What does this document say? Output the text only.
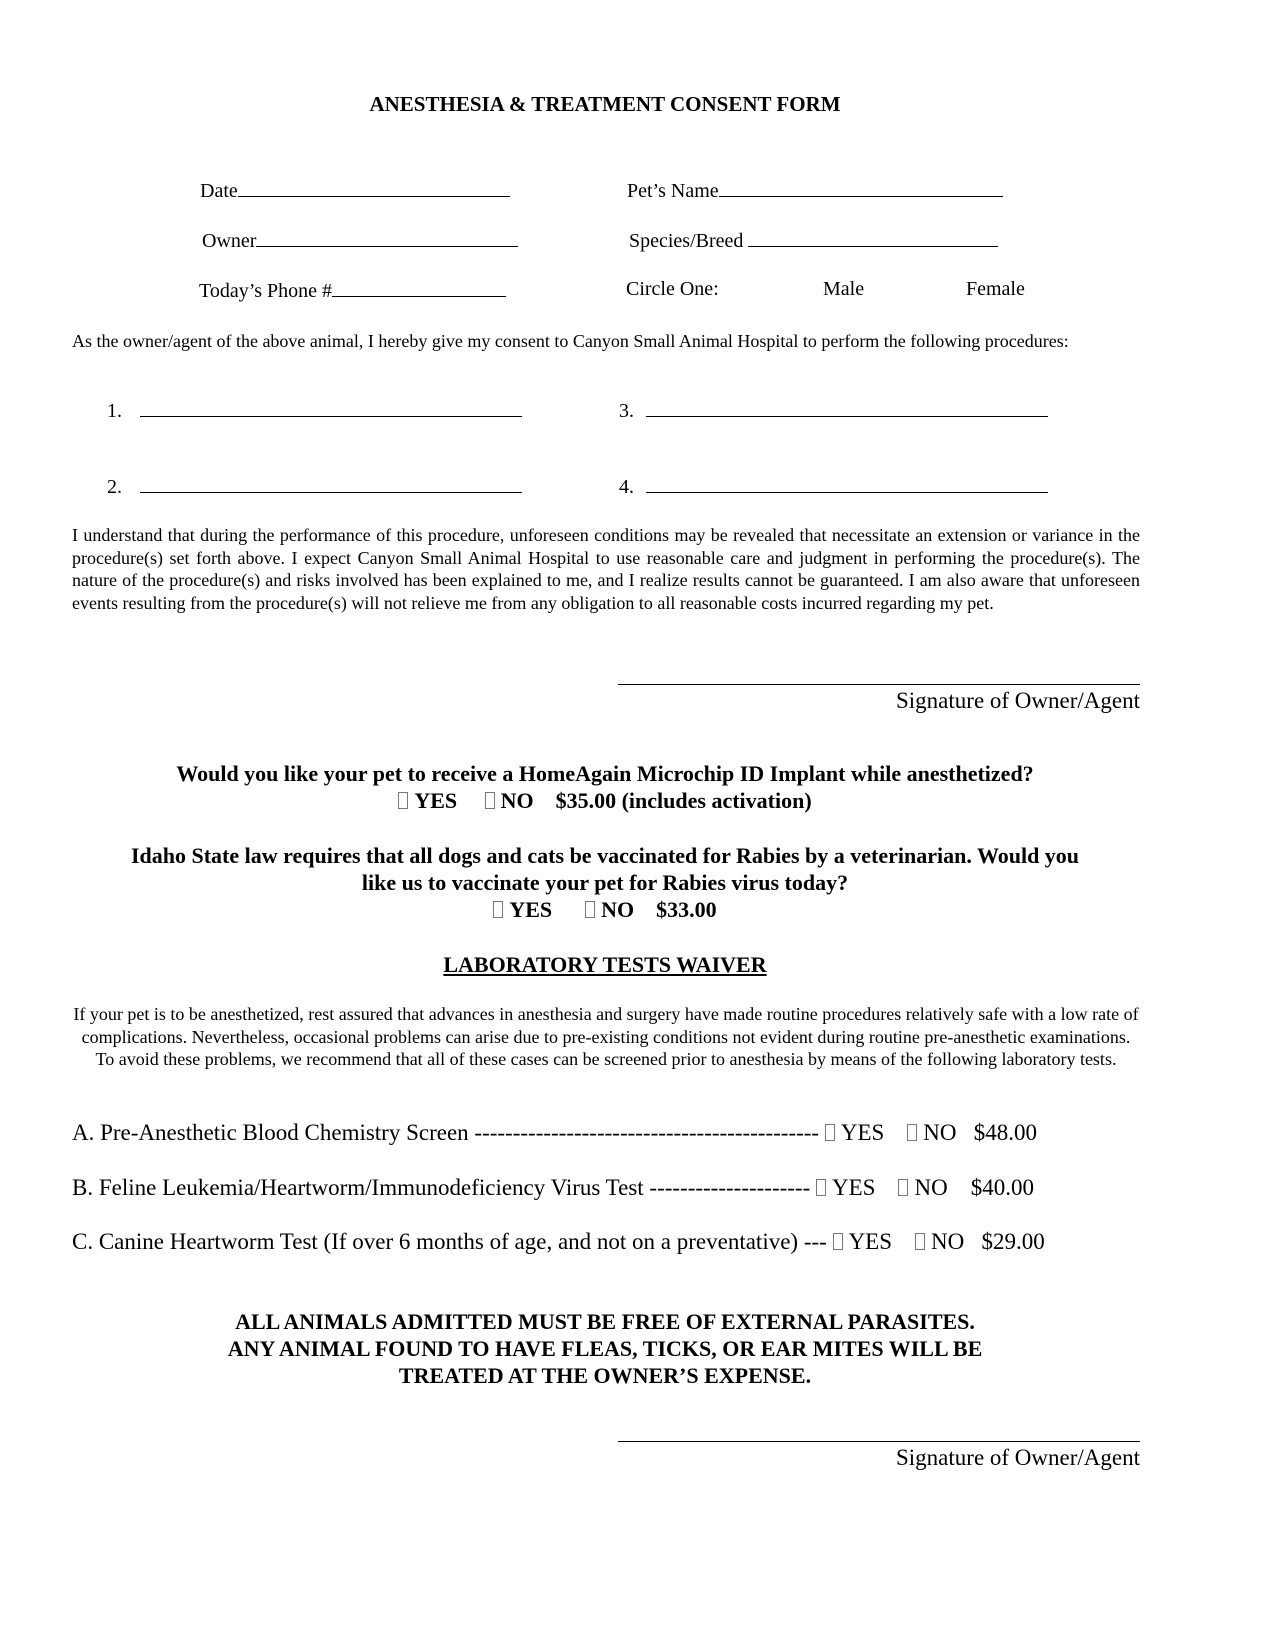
ANESTHESIA & TREATMENT CONSENT FORM
Date	Pet’s Name
Owner	Species/Breed
Today’s Phone #	Circle One:	Male	Female
As the owner/agent of the above animal, I hereby give my consent to Canyon Small Animal Hospital to perform the following procedures:
1.
2.
3.
4.
I understand that during the performance of this procedure, unforeseen conditions may be revealed that necessitate an extension or variance in the procedure(s) set forth above. I expect Canyon Small Animal Hospital to use reasonable care and judgment in performing the procedure(s). The nature of the procedure(s) and risks involved has been explained to me, and I realize results cannot be guaranteed. I am also aware that unforeseen events resulting from the procedure(s) will not relieve me from any obligation to all reasonable costs incurred regarding my pet.
Signature of Owner/Agent
Would you like your pet to receive a HomeAgain Microchip ID Implant while anesthetized?
YES NO $35.00 (includes activation)
Idaho State law requires that all dogs and cats be vaccinated for Rabies by a veterinarian. Would you
like us to vaccinate your pet for Rabies virus today?
YES NO $33.00
LABORATORY TESTS WAIVER
If your pet is to be anesthetized, rest assured that advances in anesthesia and surgery have made routine procedures relatively safe with a low rate of complications. Nevertheless, occasional problems can arise due to pre-existing conditions not evident during routine pre-anesthetic examinations. To avoid these problems, we recommend that all of these cases can be screened prior to anesthesia by means of the following laboratory tests.
A. Pre-Anesthetic Blood Chemistry Screen --------------------------------------------- YES NO $48.00
B. Feline Leukemia/Heartworm/Immunodeficiency Virus Test --------------------- YES NO $40.00
C. Canine Heartworm Test (If over 6 months of age, and not on a preventative) --- YES NO $29.00
ALL ANIMALS ADMITTED MUST BE FREE OF EXTERNAL PARASITES.
ANY ANIMAL FOUND TO HAVE FLEAS, TICKS, OR EAR MITES WILL BE
TREATED AT THE OWNER’S EXPENSE.
Signature of Owner/Agent
